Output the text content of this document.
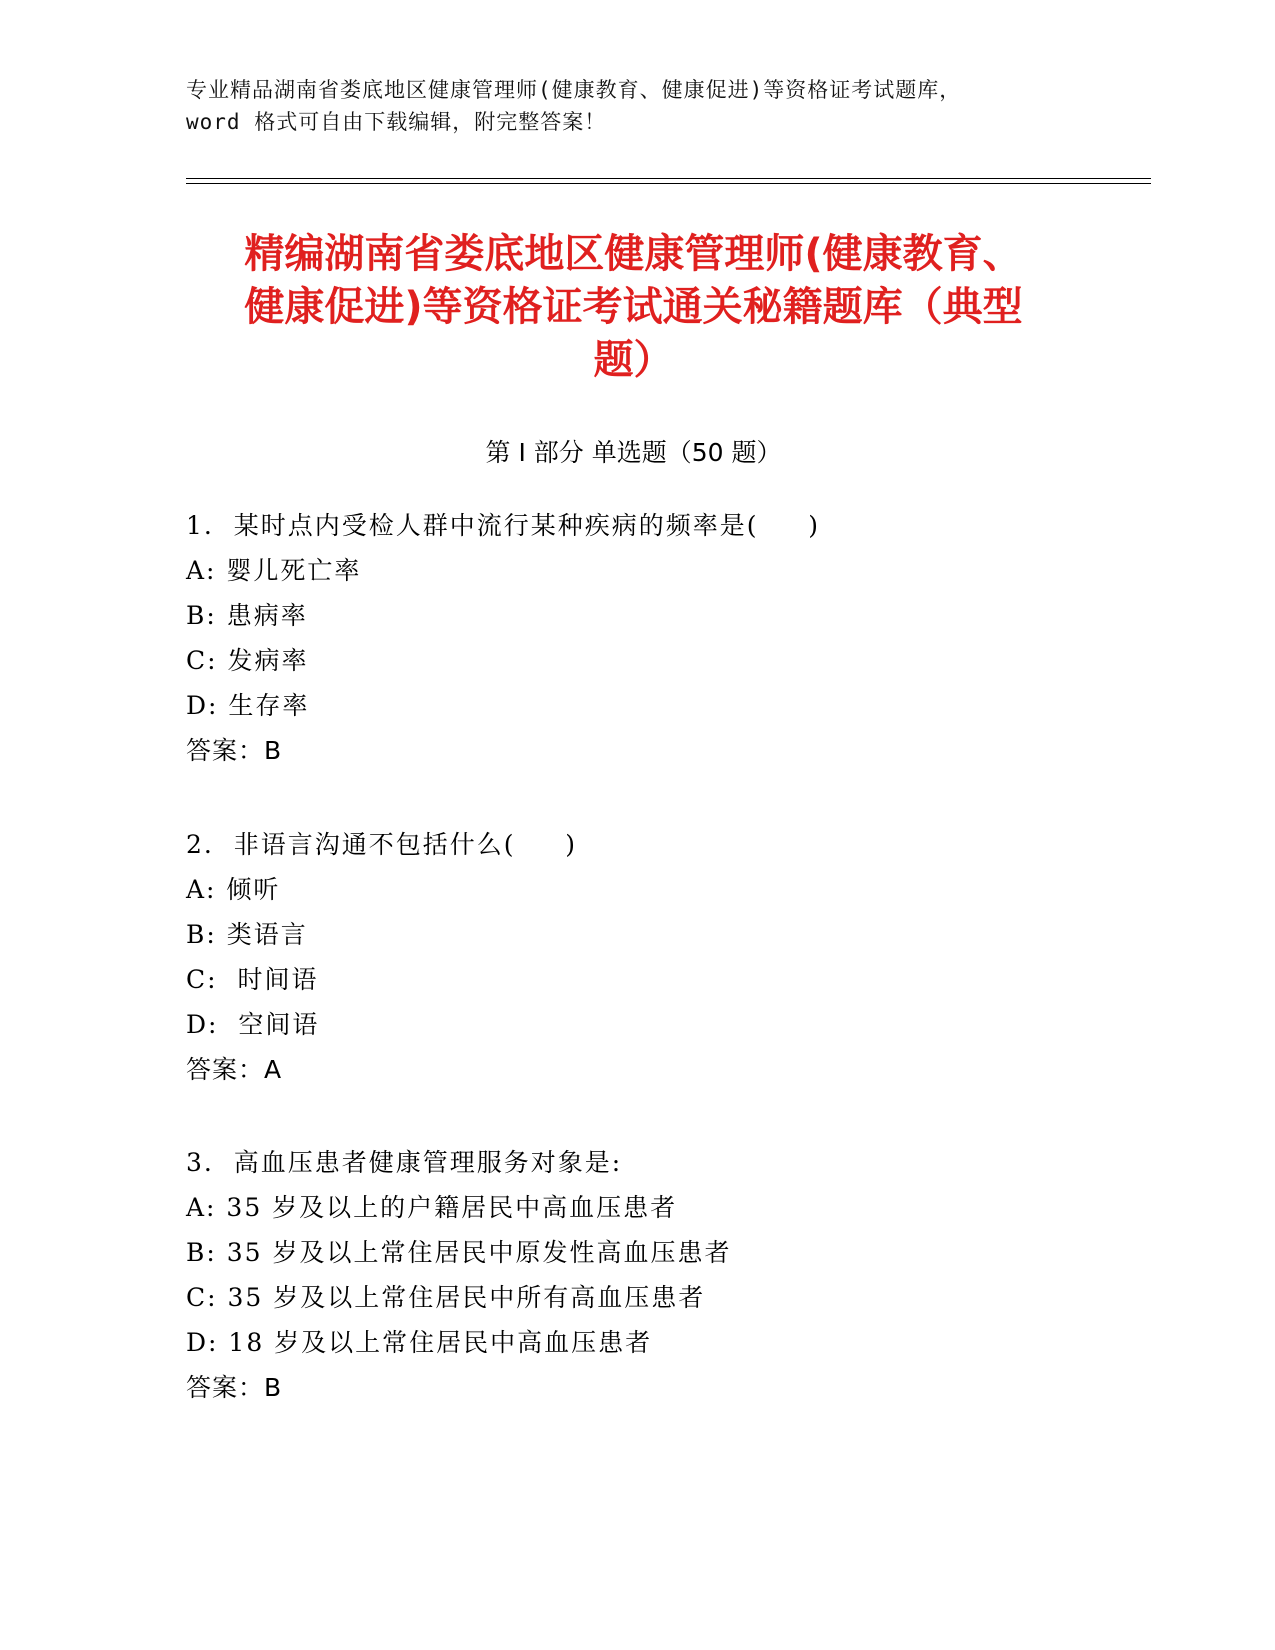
专业精品湖南省娄底地区健康管理师(健康教育、健康促进)等资格证考试题库，
word 格式可自由下载编辑，附完整答案！
精编湖南省娄底地区健康管理师(健康教育、
健康促进)等资格证考试通关秘籍题库（典型
题）
第 I 部分 单选题（50 题）
1.  某时点内受检人群中流行某种疾病的频率是(     )
A: 婴儿死亡率
B: 患病率
C: 发病率
D: 生存率
答案：B
2.  非语言沟通不包括什么(     )
A: 倾听
B: 类语言
C:  时间语
D:  空间语
答案：A
3.  高血压患者健康管理服务对象是:
A: 35 岁及以上的户籍居民中高血压患者
B: 35 岁及以上常住居民中原发性高血压患者
C: 35 岁及以上常住居民中所有高血压患者
D: 18 岁及以上常住居民中高血压患者
答案：B
